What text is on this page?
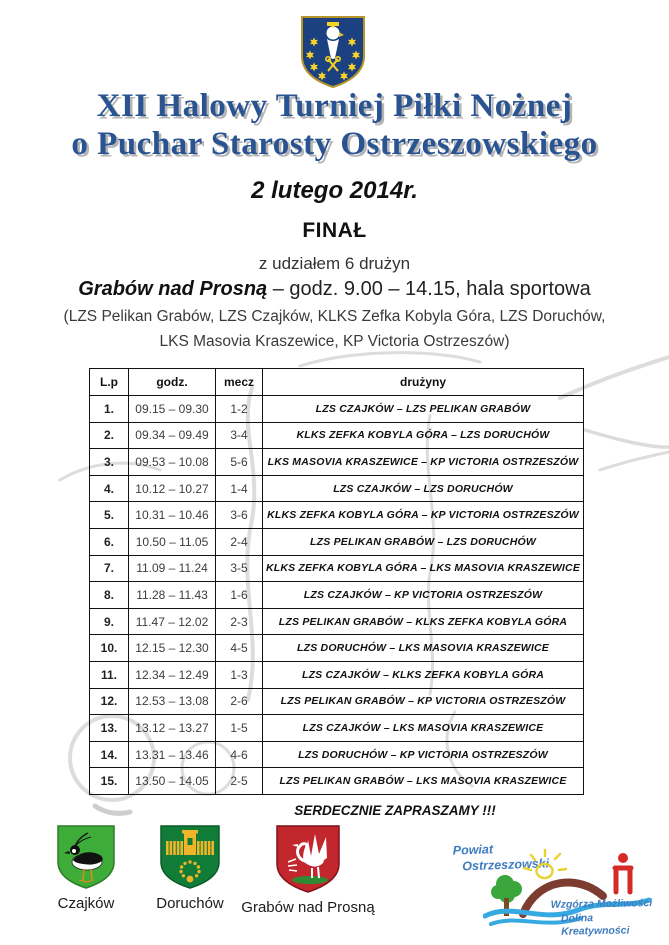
XII Halowy Turniej Piłki Nożnej
o Puchar Starosty Ostrzeszowskiego
2 lutego 2014r.
FINAŁ
z udziałem 6 drużyn
Grabów nad Prosną – godz. 9.00 – 14.15, hala sportowa
(LZS Pelikan Grabów, LZS Czajków, KLKS Zefka Kobyla Góra, LZS Doruchów,
LKS Masovia Kraszewice, KP Victoria Ostrzeszów)
L.p	godz.	mecz	drużyny
1.	09.15 – 09.30	1-2	LZS CZAJKÓW – LZS PELIKAN GRABÓW
2.	09.34 – 09.49	3-4	KLKS ZEFKA KOBYLA GÓRA – LZS DORUCHÓW
3.	09.53 – 10.08	5-6	LKS MASOVIA KRASZEWICE – KP VICTORIA OSTRZESZÓW
4.	10.12 – 10.27	1-4	LZS CZAJKÓW – LZS DORUCHÓW
5.	10.31 – 10.46	3-6	KLKS ZEFKA KOBYLA GÓRA – KP VICTORIA OSTRZESZÓW
6.	10.50 – 11.05	2-4	LZS PELIKAN GRABÓW – LZS DORUCHÓW
7.	11.09 – 11.24	3-5	KLKS ZEFKA KOBYLA GÓRA – LKS MASOVIA KRASZEWICE
8.	11.28 – 11.43	1-6	LZS CZAJKÓW – KP VICTORIA OSTRZESZÓW
9.	11.47 – 12.02	2-3	LZS PELIKAN GRABÓW – KLKS ZEFKA KOBYLA GÓRA
10.	12.15 – 12.30	4-5	LZS DORUCHÓW – LKS MASOVIA KRASZEWICE
11.	12.34 – 12.49	1-3	LZS CZAJKÓW – KLKS ZEFKA KOBYLA GÓRA
12.	12.53 – 13.08	2-6	LZS PELIKAN GRABÓW – KP VICTORIA OSTRZESZÓW
13.	13.12 – 13.27	1-5	LZS CZAJKÓW – LKS MASOVIA KRASZEWICE
14.	13.31 – 13.46	4-6	LZS DORUCHÓW – KP VICTORIA OSTRZESZÓW
15.	13.50 – 14.05	2-5	LZS PELIKAN GRABÓW – LKS MASOVIA KRASZEWICE
SERDECZNIE ZAPRASZAMY !!!
Czajków	Doruchów	Grabów nad Prosną
Powiat
Ostrzeszowski
Wzgórza Możliwości
Dolina Kreatywności
